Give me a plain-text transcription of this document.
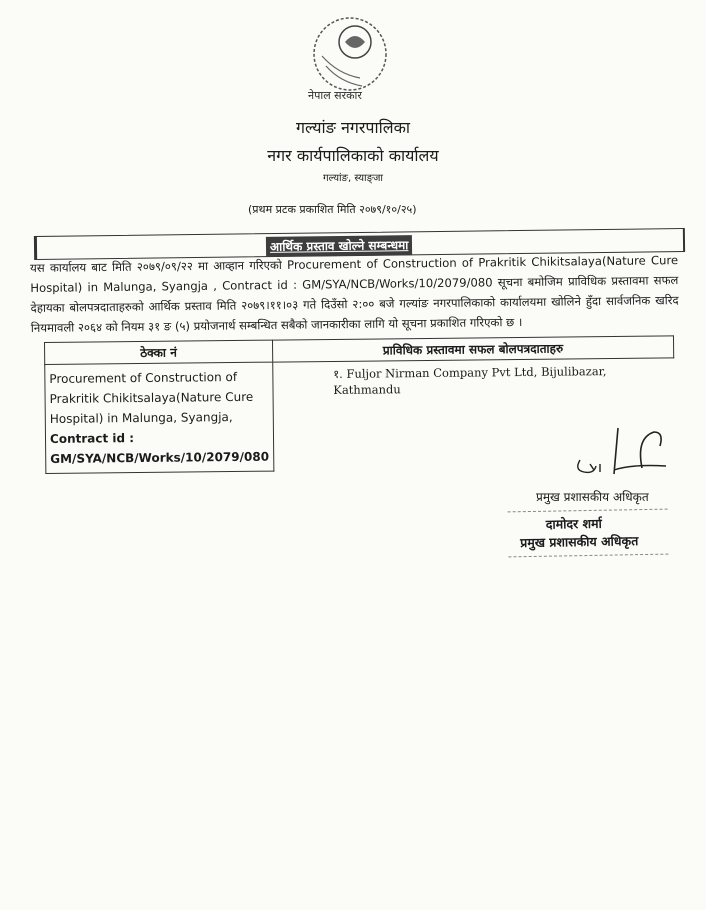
नेपाल सरकार
गल्यांङ नगरपालिका
नगर कार्यपालिकाको कार्यालय
गल्यांङ, स्याङ्जा
(प्रथम प्रटक प्रकाशित मिति २०७९/१०/२५)
आर्थिक प्रस्ताव खोल्ने सम्बन्धमा

यस कार्यालय बाट मिति २०७९/०९/२२ मा आव्हान गरिएको Procurement of Construction of Prakritik Chikitsalaya(Nature Cure Hospital) in Malunga, Syangja , Contract id : GM/SYA/NCB/Works/10/2079/080 सूचना बमोजिम प्राविधिक प्रस्तावमा सफल देहायका बोलपत्रदाताहरुको आर्थिक प्रस्ताव मिति २०७९।११।०३ गते दिउँसो २:०० बजे गल्यांङ नगरपालिकाको कार्यालयमा खोलिने हुँदा सार्वजनिक खरिद नियमावली २०६४ को नियम ३१ ङ (५) प्रयोजनार्थ सम्बन्धित सबैको जानकारीका लागि यो सूचना प्रकाशित गरिएको छ ।

ठेक्का नं	प्राविधिक प्रस्तावमा सफल बोलपत्रदाताहरु
Procurement of Construction of Prakritik Chikitsalaya(Nature Cure Hospital) in Malunga, Syangja,
Contract id :
GM/SYA/NCB/Works/10/2079/080	१. Fuljor Nirman Company Pvt Ltd, Bijulibazar, Kathmandu
प्रमुख प्रशासकीय अधिकृत
दामोदर शर्मा
प्रमुख प्रशासकीय अधिकृत
